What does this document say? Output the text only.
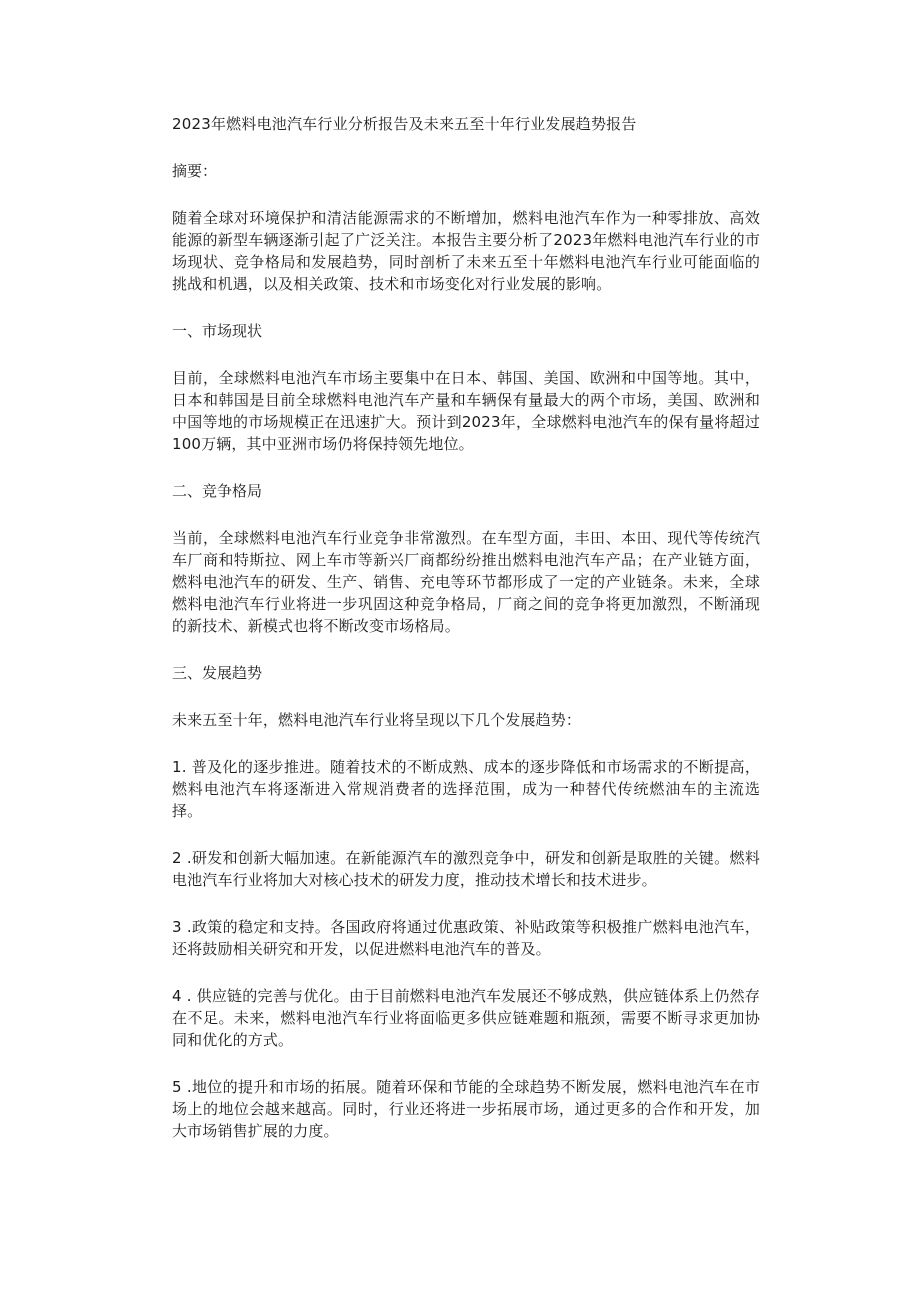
2023年燃料电池汽车行业分析报告及未来五至十年行业发展趋势报告

摘要：

随着全球对环境保护和清洁能源需求的不断增加，燃料电池汽车作为一种零排放、高效能源的新型车辆逐渐引起了广泛关注。本报告主要分析了2023年燃料电池汽车行业的市场现状、竞争格局和发展趋势，同时剖析了未来五至十年燃料电池汽车行业可能面临的挑战和机遇，以及相关政策、技术和市场变化对行业发展的影响。

一、市场现状

目前，全球燃料电池汽车市场主要集中在日本、韩国、美国、欧洲和中国等地。其中，日本和韩国是目前全球燃料电池汽车产量和车辆保有量最大的两个市场，美国、欧洲和中国等地的市场规模正在迅速扩大。预计到2023年，全球燃料电池汽车的保有量将超过100万辆，其中亚洲市场仍将保持领先地位。

二、竞争格局

当前，全球燃料电池汽车行业竞争非常激烈。在车型方面，丰田、本田、现代等传统汽车厂商和特斯拉、网上车市等新兴厂商都纷纷推出燃料电池汽车产品；在产业链方面，燃料电池汽车的研发、生产、销售、充电等环节都形成了一定的产业链条。未来，全球燃料电池汽车行业将进一步巩固这种竞争格局，厂商之间的竞争将更加激烈，不断涌现的新技术、新模式也将不断改变市场格局。

三、发展趋势

未来五至十年，燃料电池汽车行业将呈现以下几个发展趋势：

1. 普及化的逐步推进。随着技术的不断成熟、成本的逐步降低和市场需求的不断提高，燃料电池汽车将逐渐进入常规消费者的选择范围，成为一种替代传统燃油车的主流选择。

2 .研发和创新大幅加速。在新能源汽车的激烈竞争中，研发和创新是取胜的关键。燃料电池汽车行业将加大对核心技术的研发力度，推动技术增长和技术进步。

3 .政策的稳定和支持。各国政府将通过优惠政策、补贴政策等积极推广燃料电池汽车，还将鼓励相关研究和开发，以促进燃料电池汽车的普及。

4 . 供应链的完善与优化。由于目前燃料电池汽车发展还不够成熟，供应链体系上仍然存在不足。未来，燃料电池汽车行业将面临更多供应链难题和瓶颈，需要不断寻求更加协同和优化的方式。

5 .地位的提升和市场的拓展。随着环保和节能的全球趋势不断发展，燃料电池汽车在市场上的地位会越来越高。同时，行业还将进一步拓展市场，通过更多的合作和开发，加大市场销售扩展的力度。
